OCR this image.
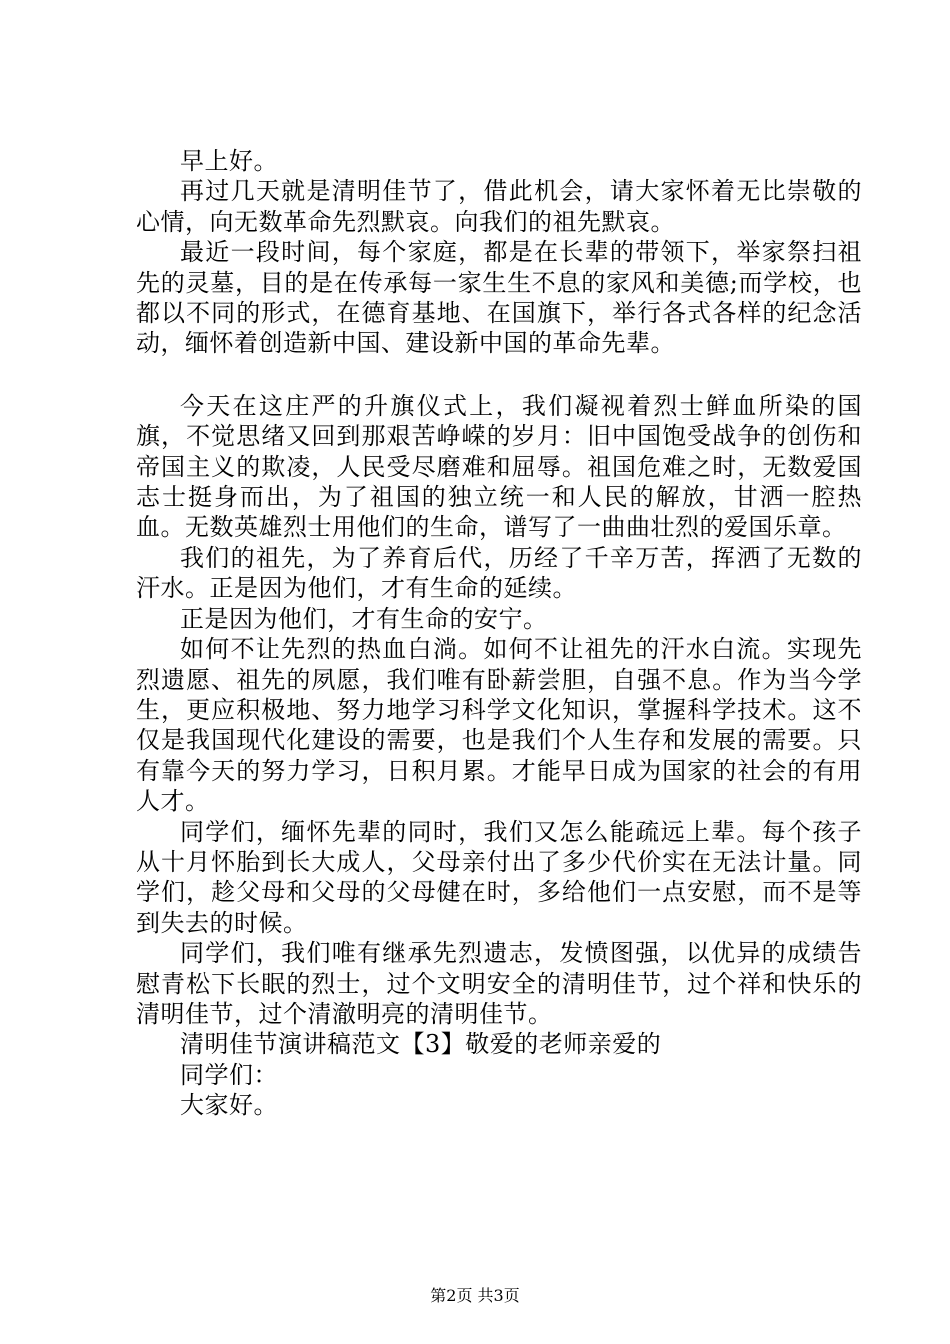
早上好。

再过几天就是清明佳节了，借此机会，请大家怀着无比崇敬的心情，向无数革命先烈默哀。向我们的祖先默哀。

最近一段时间，每个家庭，都是在长辈的带领下，举家祭扫祖先的灵墓，目的是在传承每一家生生不息的家风和美德;而学校，也都以不同的形式，在德育基地、在国旗下，举行各式各样的纪念活动，缅怀着创造新中国、建设新中国的革命先辈。

今天在这庄严的升旗仪式上，我们凝视着烈士鲜血所染的国旗，不觉思绪又回到那艰苦峥嵘的岁月：旧中国饱受战争的创伤和帝国主义的欺凌，人民受尽磨难和屈辱。祖国危难之时，无数爱国志士挺身而出，为了祖国的独立统一和人民的解放，甘洒一腔热血。无数英雄烈士用他们的生命，谱写了一曲曲壮烈的爱国乐章。

我们的祖先，为了养育后代，历经了千辛万苦，挥洒了无数的汗水。正是因为他们，才有生命的延续。

正是因为他们，才有生命的安宁。

如何不让先烈的热血白淌。如何不让祖先的汗水白流。实现先烈遗愿、祖先的夙愿，我们唯有卧薪尝胆，自强不息。作为当今学生，更应积极地、努力地学习科学文化知识，掌握科学技术。这不仅是我国现代化建设的需要，也是我们个人生存和发展的需要。只有靠今天的努力学习，日积月累。才能早日成为国家的社会的有用人才。

同学们，缅怀先辈的同时，我们又怎么能疏远上辈。每个孩子从十月怀胎到长大成人，父母亲付出了多少代价实在无法计量。同学们，趁父母和父母的父母健在时，多给他们一点安慰，而不是等到失去的时候。

同学们，我们唯有继承先烈遗志，发愤图强，以优异的成绩告慰青松下长眠的烈士，过个文明安全的清明佳节，过个祥和快乐的清明佳节，过个清澈明亮的清明佳节。

清明佳节演讲稿范文【3】敬爱的老师亲爱的

同学们：

大家好。

第2页 共3页
